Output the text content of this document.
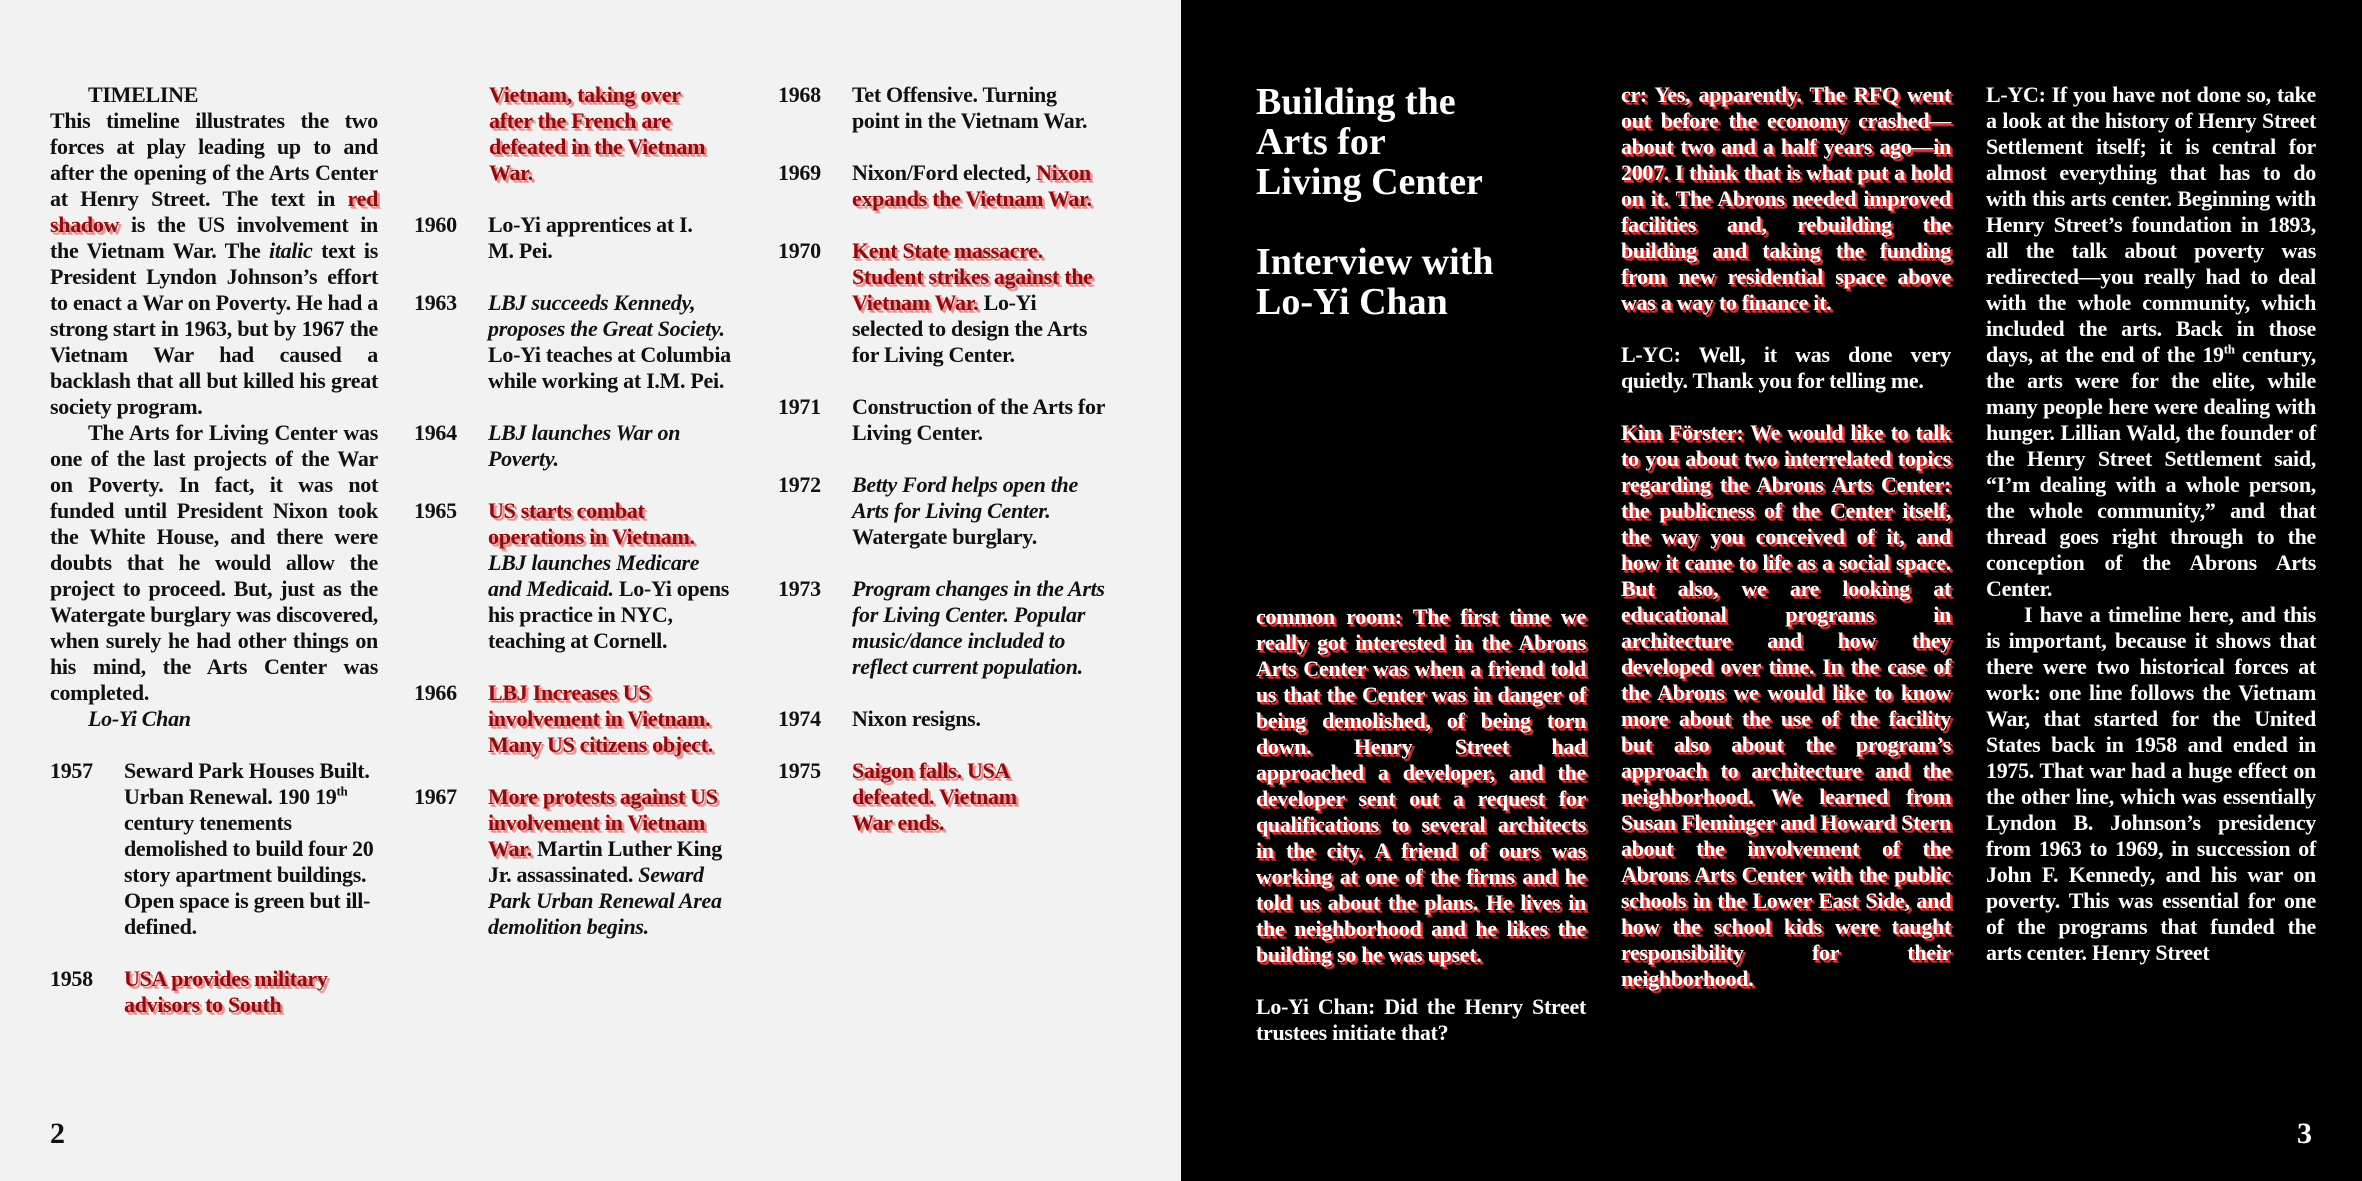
TIMELINE

This timeline illustrates the two forces at play leading up to and after the opening of the Arts Center at Henry Street. The text in red shadow is the US involvement in the Vietnam War. The italic text is President Lyndon Johnson’s effort to enact a War on Poverty. He had a strong start in 1963, but by 1967 the Vietnam War had caused a backlash that all but killed his great society program.

The Arts for Living Center was one of the last projects of the War on Poverty. In fact, it was not funded until President Nixon took the White House, and there were doubts that he would allow the project to proceed. But, just as the Watergate burglary was discovered, when surely he had other things on his mind, the Arts Center was completed.

Lo-Yi Chan

1957	Seward Park Houses Built. Urban Renewal. 190 19th century tenements demolished to build four 20 story apartment buildings. Open space is green but ill-defined.
1958	USA provides military advisors to South
Vietnam, taking over after the French are defeated in the Vietnam War.
1960	Lo-Yi apprentices at I. M. Pei.
1963	LBJ succeeds Kennedy, proposes the Great Society. Lo-Yi teaches at Columbia while working at I.M. Pei.
1964	LBJ launches War on Poverty.
1965	US starts combat operations in Vietnam. LBJ launches Medicare and Medicaid. Lo-Yi opens his practice in NYC, teaching at Cornell.
1966	LBJ Increases US involvement in Vietnam. Many US citizens object.
1967	More protests against US involvement in Vietnam War. Martin Luther King Jr. assassinated. Seward Park Urban Renewal Area demolition begins.
1968	Tet Offensive. Turning point in the Vietnam War.
1969	Nixon/Ford elected, Nixon expands the Vietnam War.
1970	Kent State massacre. Student strikes against the Vietnam War. Lo-Yi selected to design the Arts for Living Center.
1971	Construction of the Arts for Living Center.
1972	Betty Ford helps open the Arts for Living Center. Watergate burglary.
1973	Program changes in the Arts for Living Center. Popular music/dance included to reflect current population.
1974	Nixon resigns.
1975	Saigon falls. USA defeated. Vietnam War ends.
2
Building the
Arts for
Living Center
Interview with
Lo-Yi Chan

common room: The first time we really got interested in the Abrons Arts Center was when a friend told us that the Center was in danger of being demolished, of being torn down. Henry Street had approached a developer, and the developer sent out a request for qualifications to several architects in the city. A friend of ours was working at one of the firms and he told us about the plans. He lives in the neighborhood and he likes the building so he was upset.

Lo-Yi Chan: Did the Henry Street trustees initiate that?

cr: Yes, apparently. The RFQ went out before the economy crashed—about two and a half years ago—in 2007. I think that is what put a hold on it. The Abrons needed improved facilities and, rebuilding the building and taking the funding from new residential space above was a way to finance it.

L-YC: Well, it was done very quietly. Thank you for telling me.

Kim Förster: We would like to talk to you about two interrelated topics regarding the Abrons Arts Center: the publicness of the Center itself, the way you conceived of it, and how it came to life as a social space. But also, we are looking at educational programs in architecture and how they developed over time. In the case of the Abrons we would like to know more about the use of the facility but also about the program’s approach to architecture and the neighborhood. We learned from Susan Fleminger and Howard Stern about the involvement of the Abrons Arts Center with the public schools in the Lower East Side, and how the school kids were taught responsibility for their neighborhood.

L-YC: If you have not done so, take a look at the history of Henry Street Settlement itself; it is central for almost everything that has to do with this arts center. Beginning with Henry Street’s foundation in 1893, all the talk about poverty was redirected—you really had to deal with the whole community, which included the arts. Back in those days, at the end of the 19th century, the arts were for the elite, while many people here were dealing with hunger. Lillian Wald, the founder of the Henry Street Settlement said, “I’m dealing with a whole person, the whole community,” and that thread goes right through to the conception of the Abrons Arts Center.

I have a timeline here, and this is important, because it shows that there were two historical forces at work: one line follows the Vietnam War, that started for the United States back in 1958 and ended in 1975. That war had a huge effect on the other line, which was essentially Lyndon B. Johnson’s presidency from 1963 to 1969, in succession of John F. Kennedy, and his war on poverty. This was essential for one of the programs that funded the arts center. Henry Street

3
